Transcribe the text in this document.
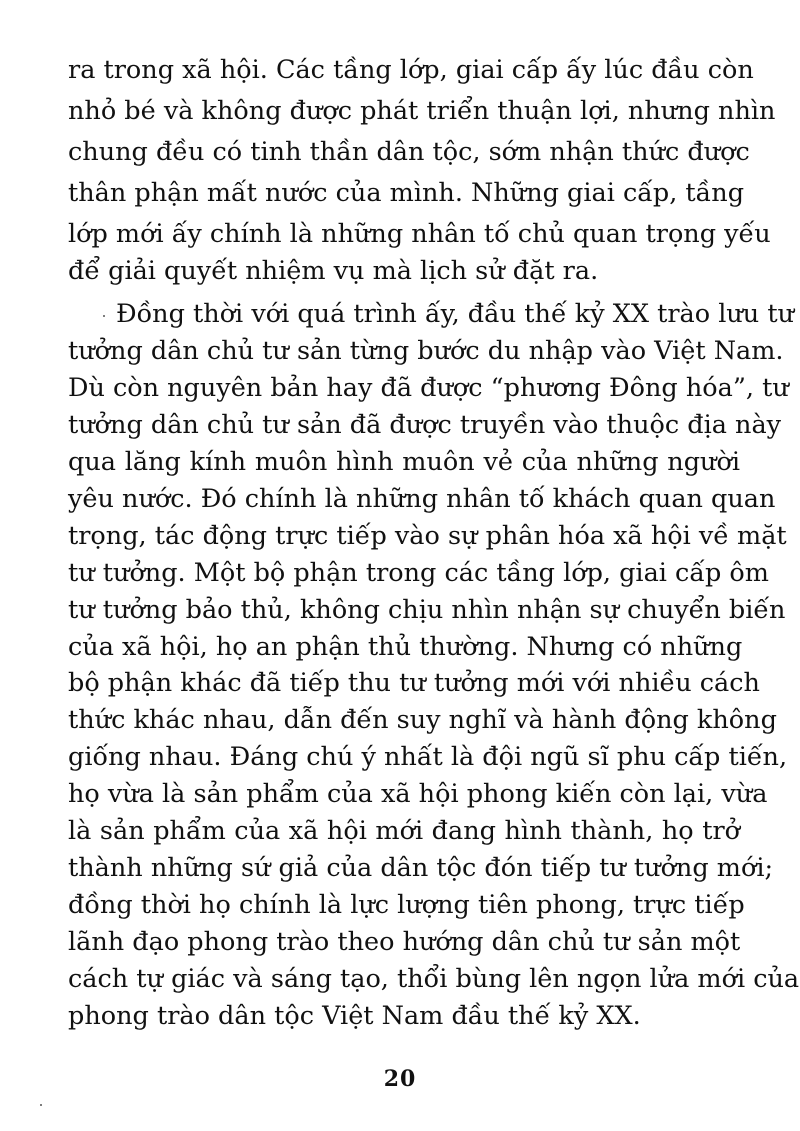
ra trong xã hội. Các tầng lớp, giai cấp ấy lúc đầu còn
nhỏ bé và không được phát triển thuận lợi, nhưng nhìn
chung đều có tinh thần dân tộc, sớm nhận thức được
thân phận mất nước của mình. Những giai cấp, tầng
lớp mới ấy chính là những nhân tố chủ quan trọng yếu
để giải quyết nhiệm vụ mà lịch sử đặt ra.
Đồng thời với quá trình ấy, đầu thế kỷ XX trào lưu tư
tưởng dân chủ tư sản từng bước du nhập vào Việt Nam.
Dù còn nguyên bản hay đã được “phương Đông hóa”, tư
tưởng dân chủ tư sản đã được truyền vào thuộc địa này
qua lăng kính muôn hình muôn vẻ của những người
yêu nước. Đó chính là những nhân tố khách quan quan
trọng, tác động trực tiếp vào sự phân hóa xã hội về mặt
tư tưởng. Một bộ phận trong các tầng lớp, giai cấp ôm
tư tưởng bảo thủ, không chịu nhìn nhận sự chuyển biến
của xã hội, họ an phận thủ thường. Nhưng có những
bộ phận khác đã tiếp thu tư tưởng mới với nhiều cách
thức khác nhau, dẫn đến suy nghĩ và hành động không
giống nhau. Đáng chú ý nhất là đội ngũ sĩ phu cấp tiến,
họ vừa là sản phẩm của xã hội phong kiến còn lại, vừa
là sản phẩm của xã hội mới đang hình thành, họ trở
thành những sứ giả của dân tộc đón tiếp tư tưởng mới;
đồng thời họ chính là lực lượng tiên phong, trực tiếp
lãnh đạo phong trào theo hướng dân chủ tư sản một
cách tự giác và sáng tạo, thổi bùng lên ngọn lửa mới của
phong trào dân tộc Việt Nam đầu thế kỷ XX.
20
